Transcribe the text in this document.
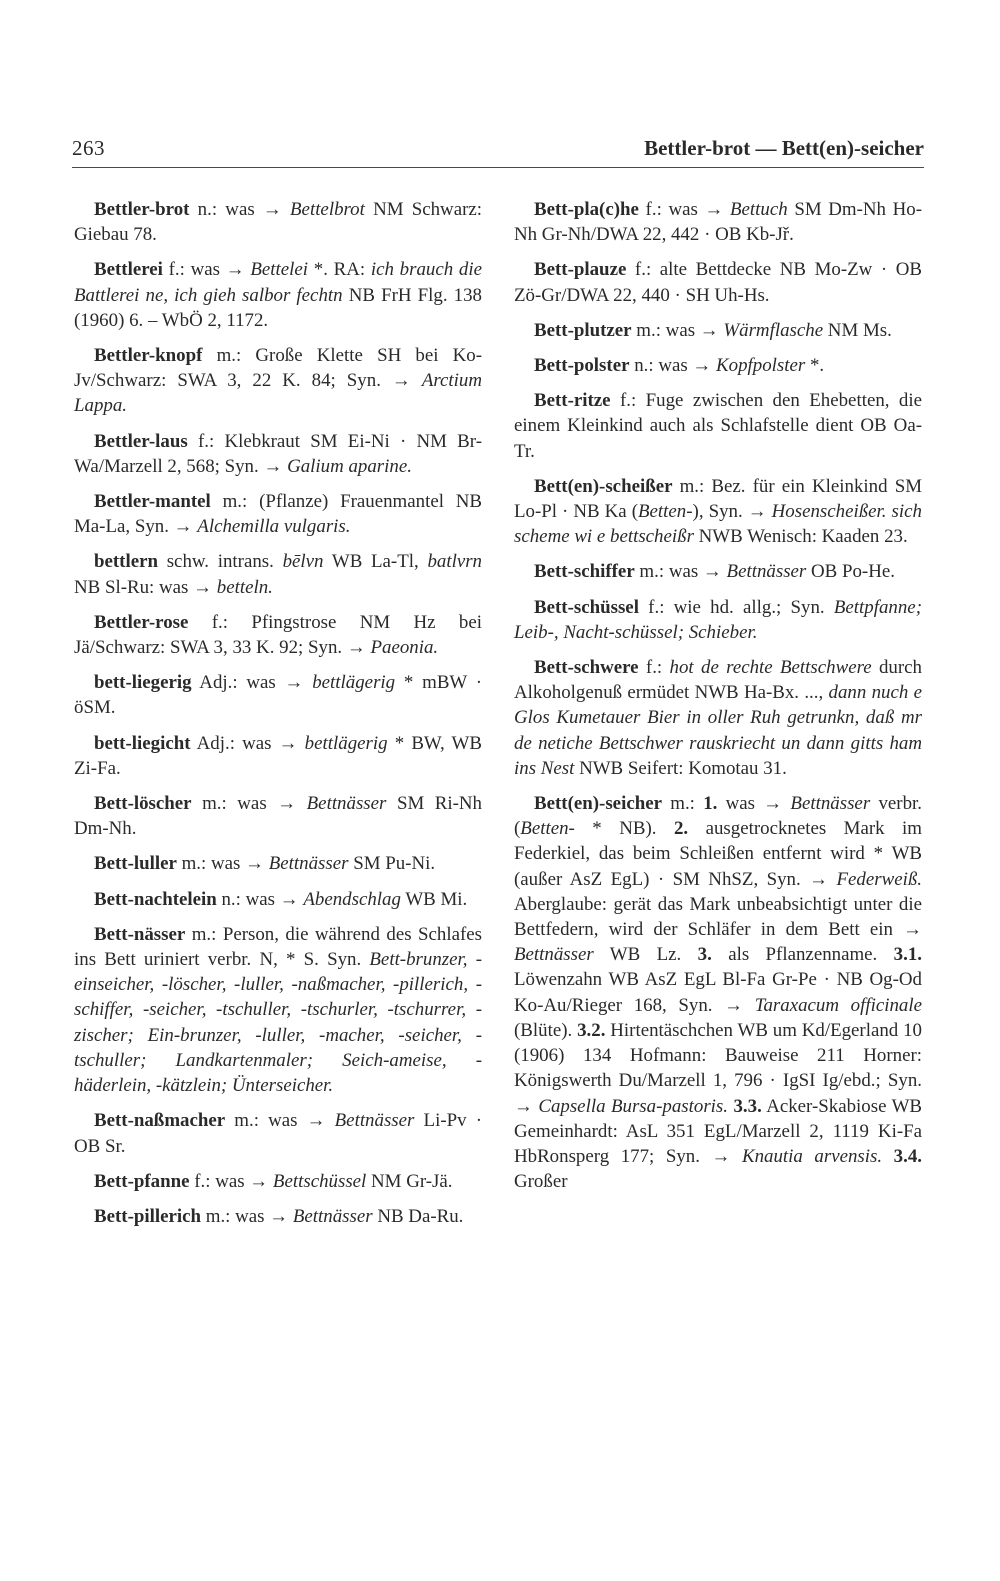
263	Bettler-brot — Bett(en)-seicher

Bettler-brot n.: was → Bettelbrot NM Schwarz: Giebau 78.

Bettlerei f.: was → Bettelei *. RA: ich brauch die Battlerei ne, ich gieh salbor fechtn NB FrH Flg. 138 (1960) 6. – WbÖ 2, 1172.

Bettler-knopf m.: Große Klette SH bei Ko-Jv/Schwarz: SWA 3, 22 K. 84; Syn. → Arctium Lappa.

Bettler-laus f.: Klebkraut SM Ei-Ni · NM Br-Wa/Marzell 2, 568; Syn. → Galium aparine.

Bettler-mantel m.: (Pflanze) Frauenmantel NB Ma-La, Syn. → Alchemilla vulgaris.

bettlern schw. intrans. bēlvn WB La-Tl, batlvrn NB Sl-Ru: was → betteln.

Bettler-rose f.: Pfingstrose NM Hz bei Jä/Schwarz: SWA 3, 33 K. 92; Syn. → Paeonia.

bett-liegerig Adj.: was → bettlägerig * mBW · öSM.

bett-liegicht Adj.: was → bettlägerig * BW, WB Zi-Fa.

Bett-löscher m.: was → Bettnässer SM Ri-Nh Dm-Nh.

Bett-luller m.: was → Bettnässer SM Pu-Ni.

Bett-nachtelein n.: was → Abendschlag WB Mi.

Bett-nässer m.: Person, die während des Schlafes ins Bett uriniert verbr. N, * S. Syn. Bett-brunzer, -einseicher, -löscher, -luller, -naßmacher, -pillerich, -schiffer, -seicher, -tschuller, -tschurler, -tschurrer, -zischer; Ein-brunzer, -luller, -macher, -seicher, -tschuller; Landkartenmaler; Seich-ameise, -häderlein, -kätzlein; Ünterseicher.

Bett-naßmacher m.: was → Bettnässer Li-Pv · OB Sr.

Bett-pfanne f.: was → Bettschüssel NM Gr-Jä.

Bett-pillerich m.: was → Bettnässer NB Da-Ru.

Bett-pla(c)he f.: was → Bettuch SM Dm-Nh Ho-Nh Gr-Nh/DWA 22, 442 · OB Kb-Jř.

Bett-plauze f.: alte Bettdecke NB Mo-Zw · OB Zö-Gr/DWA 22, 440 · SH Uh-Hs.

Bett-plutzer m.: was → Wärmflasche NM Ms.

Bett-polster n.: was → Kopfpolster *.

Bett-ritze f.: Fuge zwischen den Ehebetten, die einem Kleinkind auch als Schlafstelle dient OB Oa-Tr.

Bett(en)-scheißer m.: Bez. für ein Kleinkind SM Lo-Pl · NB Ka (Betten-), Syn. → Hosenscheißer. sich scheme wi e bettscheißr NWB Wenisch: Kaaden 23.

Bett-schiffer m.: was → Bettnässer OB Po-He.

Bett-schüssel f.: wie hd. allg.; Syn. Bettpfanne; Leib-, Nacht-schüssel; Schieber.

Bett-schwere f.: hot de rechte Bettschwere durch Alkoholgenuß ermüdet NWB Ha-Bx. ..., dann nuch e Glos Kumetauer Bier in oller Ruh getrunkn, daß mr de netiche Bettschwer rauskriecht un dann gitts ham ins Nest NWB Seifert: Komotau 31.

Bett(en)-seicher m.: 1. was → Bettnässer verbr. (Betten- * NB). 2. ausgetrocknetes Mark im Federkiel, das beim Schleißen entfernt wird * WB (außer AsZ EgL) · SM NhSZ, Syn. → Federweiß. Aberglaube: gerät das Mark unbeabsichtigt unter die Bettfedern, wird der Schläfer in dem Bett ein → Bettnässer WB Lz. 3. als Pflanzenname. 3.1. Löwenzahn WB AsZ EgL Bl-Fa Gr-Pe · NB Og-Od Ko-Au/Rieger 168, Syn. → Taraxacum officinale (Blüte). 3.2. Hirtentäschchen WB um Kd/Egerland 10 (1906) 134 Hofmann: Bauweise 211 Horner: Königswerth Du/Marzell 1, 796 · IgSI Ig/ebd.; Syn. → Capsella Bursa-pastoris. 3.3. Acker-Skabiose WB Gemeinhardt: AsL 351 EgL/Marzell 2, 1119 Ki-Fa HbRonsperg 177; Syn. → Knautia arvensis. 3.4. Großer
